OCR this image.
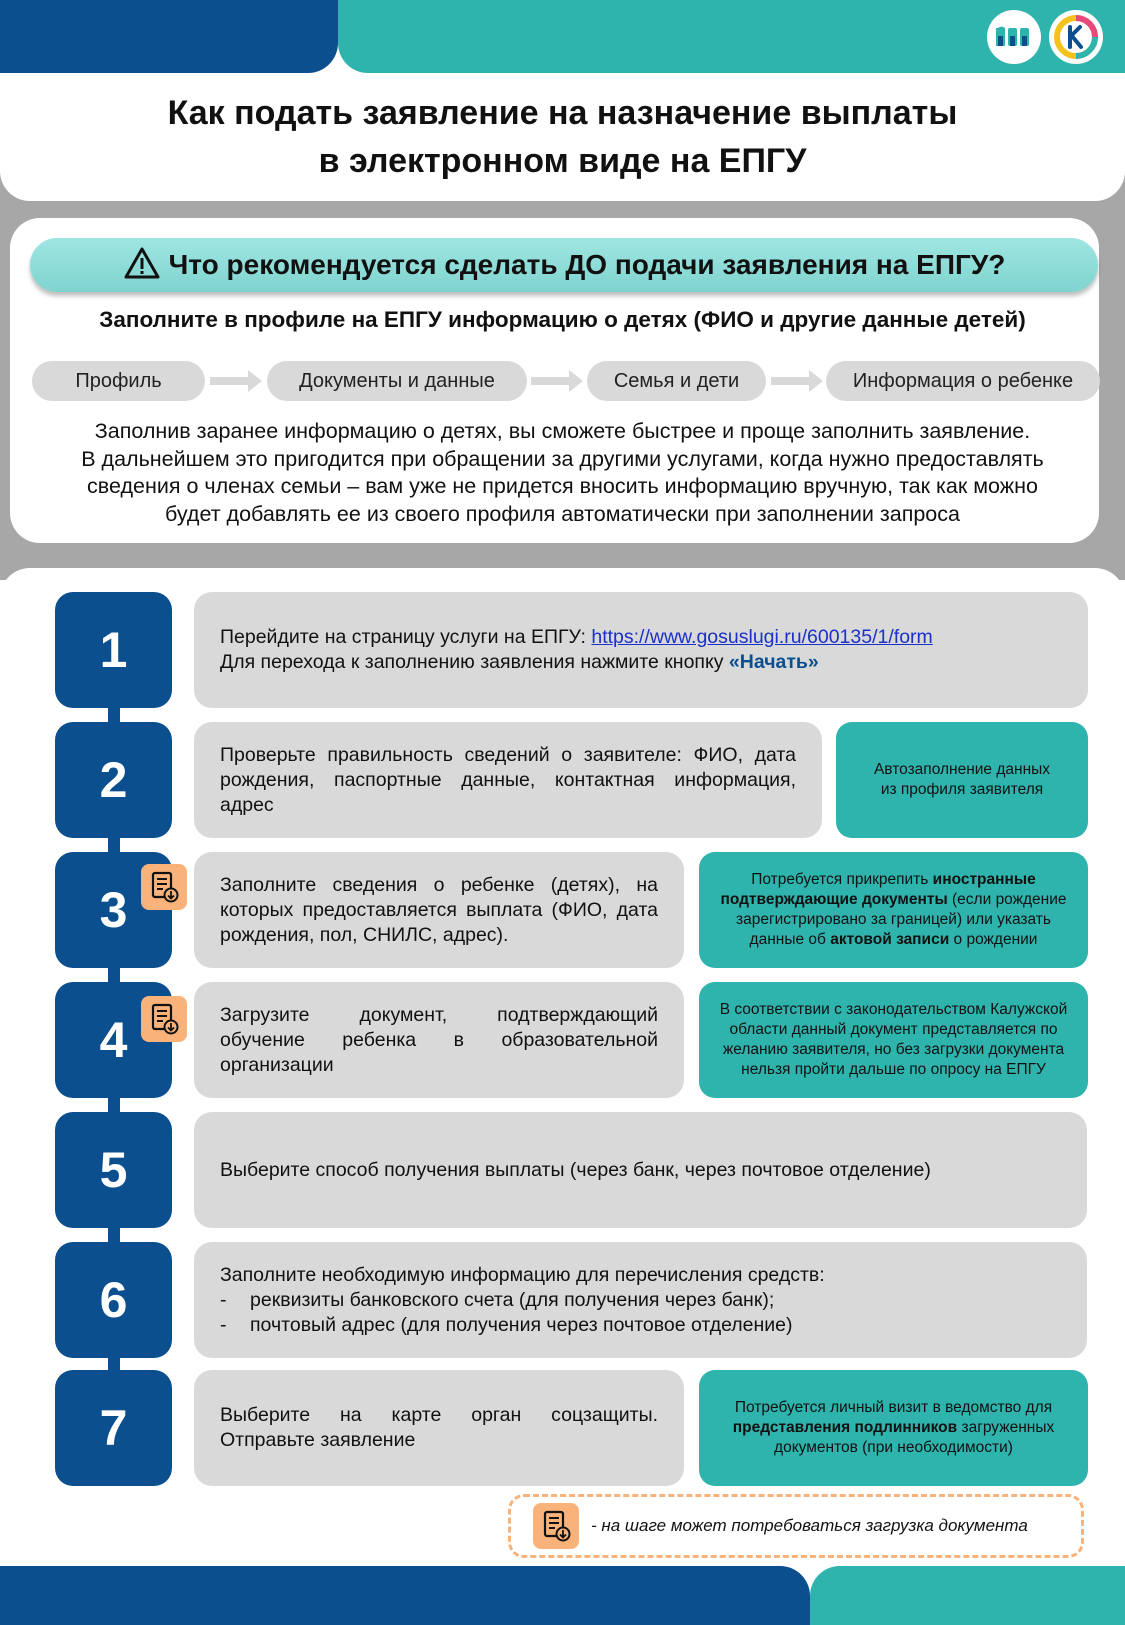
Как подать заявление на назначение выплаты
в электронном виде на ЕПГУ
Что рекомендуется сделать ДО подачи заявления на ЕПГУ?
Заполните в профиле на ЕПГУ информацию о детях (ФИО и другие данные детей)
Профиль	Документы и данные	Семья и дети	Информация о ребенке
Заполнив заранее информацию о детях, вы сможете быстрее и проще заполнить заявление.
В дальнейшем это пригодится при обращении за другими услугами, когда нужно предоставлять
сведения о членах семьи – вам уже не придется вносить информацию вручную, так как можно
будет добавлять ее из своего профиля автоматически при заполнении запроса
1	Перейдите на страницу услуги на ЕПГУ: https://www.gosuslugi.ru/600135/1/form
Для перехода к заполнению заявления нажмите кнопку «Начать»
2	Проверьте правильность сведений о заявителе: ФИО, дата рождения, паспортные данные, контактная информация, адрес
Автозаполнение данных
из профиля заявителя
3	Заполните сведения о ребенке (детях), на которых предоставляется выплата (ФИО, дата рождения, пол, СНИЛС, адрес).
Потребуется прикрепить иностранные подтверждающие документы (если рождение зарегистрировано за границей) или указать данные об актовой записи о рождении
4	Загрузите документ, подтверждающий обучение ребенка в образовательной организации
В соответствии с законодательством Калужской области данный документ представляется по желанию заявителя, но без загрузки документа нельзя пройти дальше по опросу на ЕПГУ
5	Выберите способ получения выплаты (через банк, через почтовое отделение)
6	Заполните необходимую информацию для перечисления средств:
- реквизиты банковского счета (для получения через банк);
- почтовый адрес (для получения через почтовое отделение)
7	Выберите на карте орган соцзащиты. Отправьте заявление
Потребуется личный визит в ведомство для представления подлинников загруженных документов (при необходимости)
- на шаге может потребоваться загрузка документа
